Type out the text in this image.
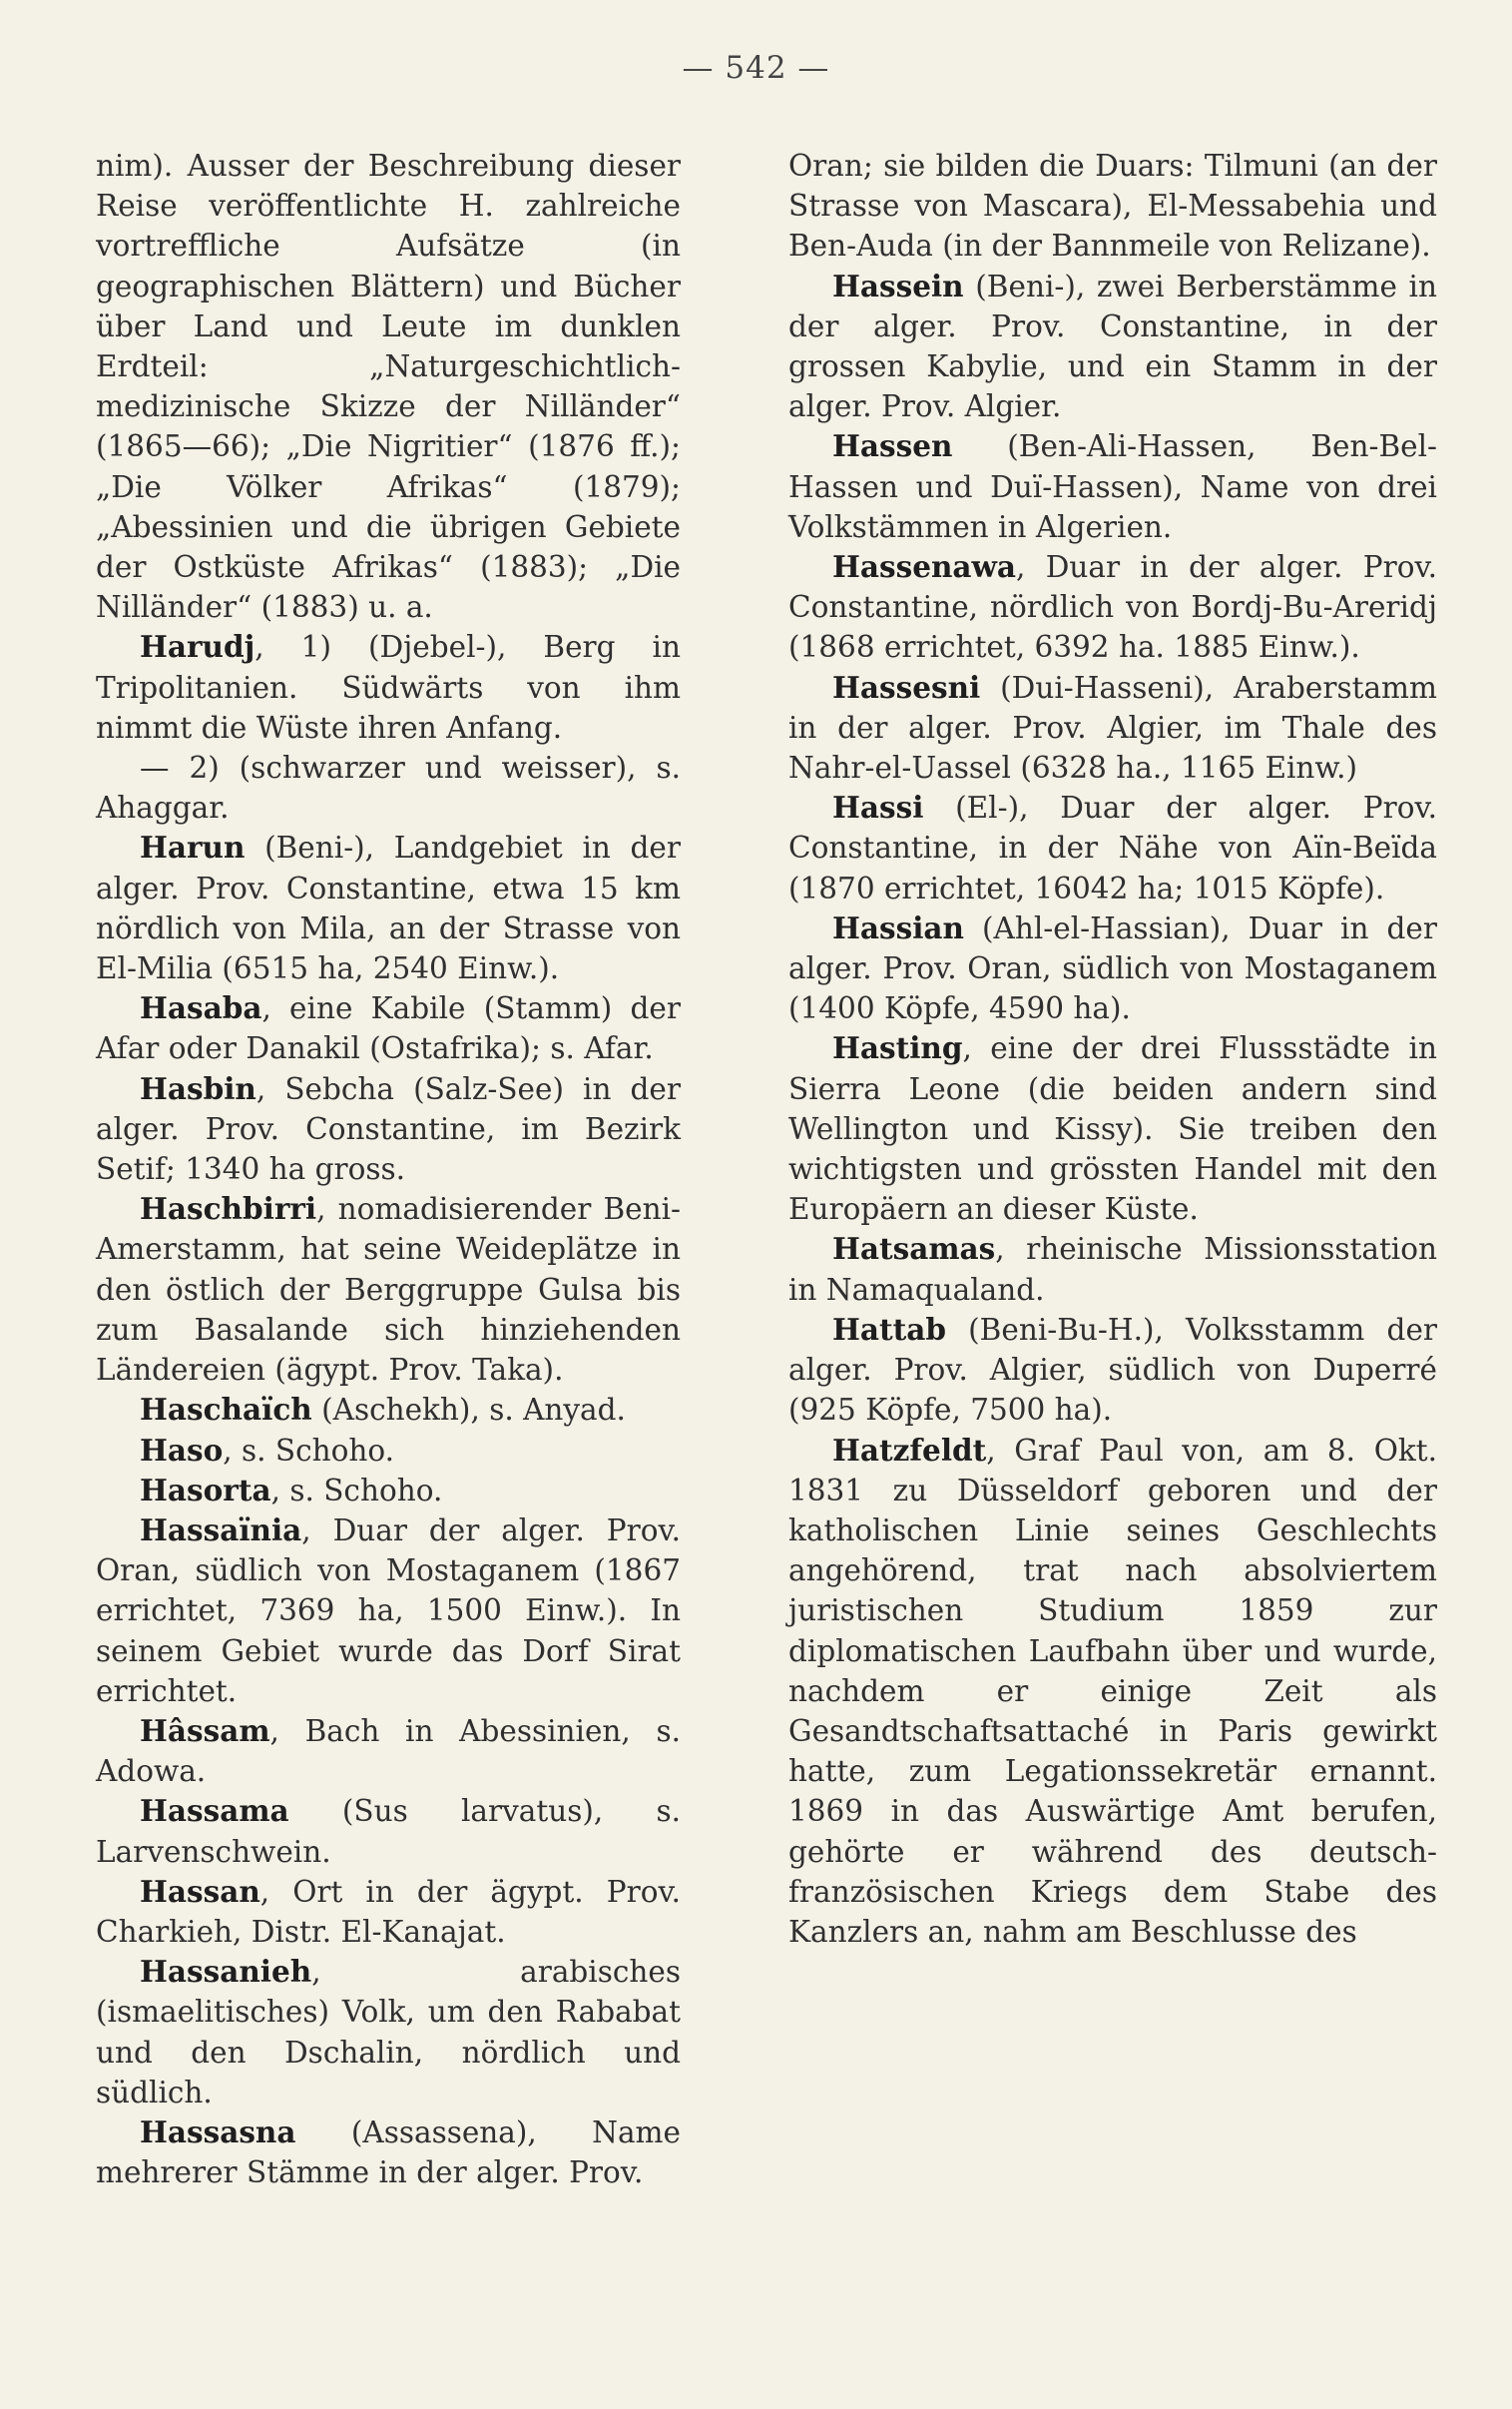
— 542 —

nim). Ausser der Beschreibung dieser Reise veröffentlichte H. zahlreiche vortreffliche Aufsätze (in geographischen Blättern) und Bücher über Land und Leute im dunklen Erdteil: „Naturgeschichtlich-medizinische Skizze der Nilländer“ (1865—66); „Die Nigritier“ (1876 ff.); „Die Völker Afrikas“ (1879); „Abessinien und die übrigen Gebiete der Ostküste Afrikas“ (1883); „Die Nilländer“ (1883) u. a.

Harudj, 1) (Djebel-), Berg in Tripolitanien. Südwärts von ihm nimmt die Wüste ihren Anfang.

— 2) (schwarzer und weisser), s. Ahaggar.

Harun (Beni-), Landgebiet in der alger. Prov. Constantine, etwa 15 km nördlich von Mila, an der Strasse von El-Milia (6515 ha, 2540 Einw.).

Hasaba, eine Kabile (Stamm) der Afar oder Danakil (Ostafrika); s. Afar.

Hasbin, Sebcha (Salz-See) in der alger. Prov. Constantine, im Bezirk Setif; 1340 ha gross.

Haschbirri, nomadisierender Beni-Amerstamm, hat seine Weideplätze in den östlich der Berggruppe Gulsa bis zum Basalande sich hinziehenden Ländereien (ägypt. Prov. Taka).

Haschaïch (Aschekh), s. Anyad.

Haso, s. Schoho.

Hasorta, s. Schoho.

Hassaïnia, Duar der alger. Prov. Oran, südlich von Mostaganem (1867 errichtet, 7369 ha, 1500 Einw.). In seinem Gebiet wurde das Dorf Sirat errichtet.

Hâssam, Bach in Abessinien, s. Adowa.

Hassama (Sus larvatus), s. Larvenschwein.

Hassan, Ort in der ägypt. Prov. Charkieh, Distr. El-Kanajat.

Hassanieh, arabisches (ismaelitisches) Volk, um den Rababat und den Dschalin, nördlich und südlich.

Hassasna (Assassena), Name mehrerer Stämme in der alger. Prov.

Oran; sie bilden die Duars: Tilmuni (an der Strasse von Mascara), El-Messabehia und Ben-Auda (in der Bannmeile von Relizane).

Hassein (Beni-), zwei Berberstämme in der alger. Prov. Constantine, in der grossen Kabylie, und ein Stamm in der alger. Prov. Algier.

Hassen (Ben-Ali-Hassen, Ben-Bel-Hassen und Duï-Hassen), Name von drei Volkstämmen in Algerien.

Hassenawa, Duar in der alger. Prov. Constantine, nördlich von Bordj-Bu-Areridj (1868 errichtet, 6392 ha. 1885 Einw.).

Hassesni (Dui-Hasseni), Araberstamm in der alger. Prov. Algier, im Thale des Nahr-el-Uassel (6328 ha., 1165 Einw.)

Hassi (El-), Duar der alger. Prov. Constantine, in der Nähe von Aïn-Beïda (1870 errichtet, 16042 ha; 1015 Köpfe).

Hassian (Ahl-el-Hassian), Duar in der alger. Prov. Oran, südlich von Mostaganem (1400 Köpfe, 4590 ha).

Hasting, eine der drei Flussstädte in Sierra Leone (die beiden andern sind Wellington und Kissy). Sie treiben den wichtigsten und grössten Handel mit den Europäern an dieser Küste.

Hatsamas, rheinische Missionsstation in Namaqualand.

Hattab (Beni-Bu-H.), Volksstamm der alger. Prov. Algier, südlich von Duperré (925 Köpfe, 7500 ha).

Hatzfeldt, Graf Paul von, am 8. Okt. 1831 zu Düsseldorf geboren und der katholischen Linie seines Geschlechts angehörend, trat nach absolviertem juristischen Studium 1859 zur diplomatischen Laufbahn über und wurde, nachdem er einige Zeit als Gesandtschaftsattaché in Paris gewirkt hatte, zum Legationssekretär ernannt. 1869 in das Auswärtige Amt berufen, gehörte er während des deutsch-französischen Kriegs dem Stabe des Kanzlers an, nahm am Beschlusse des
